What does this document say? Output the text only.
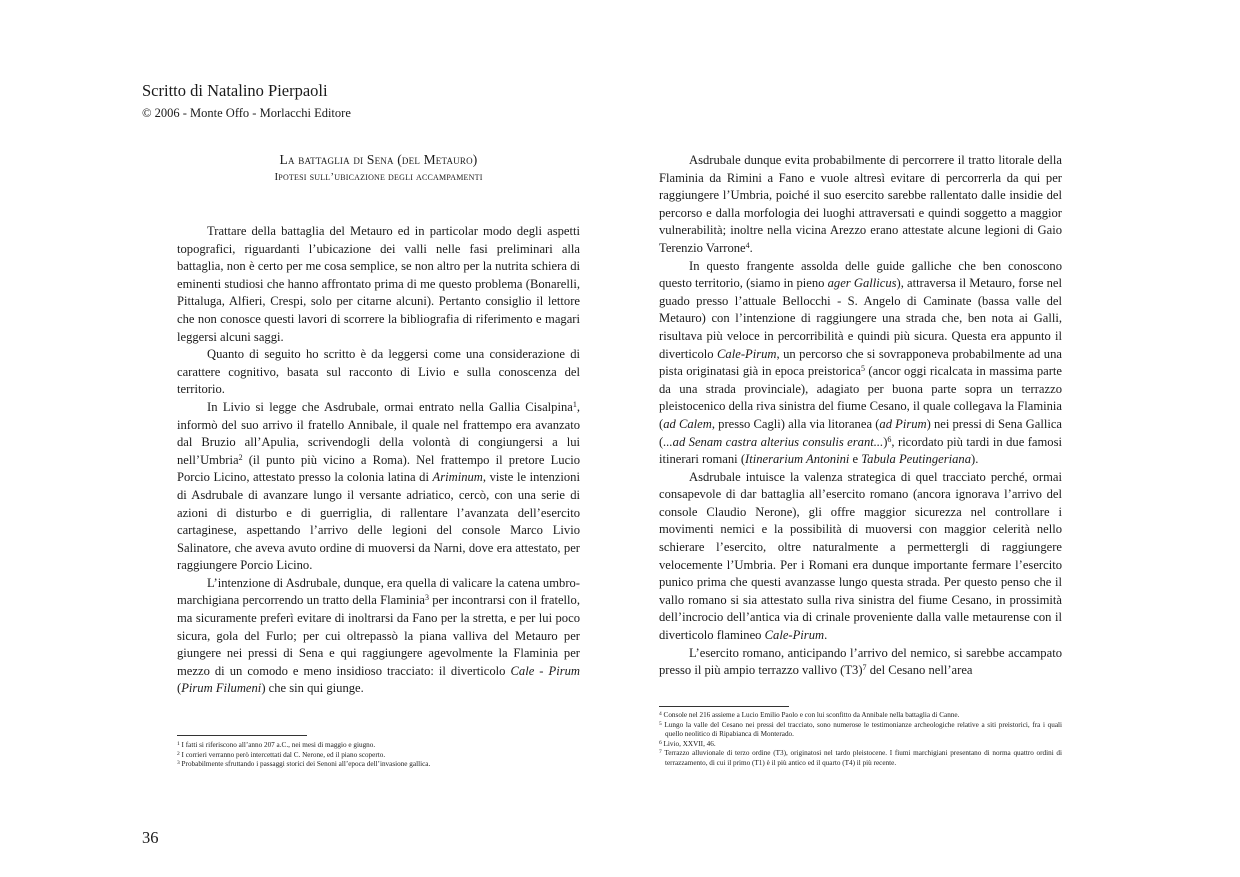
Scritto di Natalino Pierpaoli
© 2006 - Monte Offo - Morlacchi Editore
La battaglia di Sena (del Metauro)
Ipotesi sull’ubicazione degli accampamenti

Trattare della battaglia del Metauro ed in particolar modo degli aspetti topografici, riguardanti l’ubicazione dei valli nelle fasi preliminari alla battaglia, non è certo per me cosa semplice, se non altro per la nutrita schiera di eminenti studiosi che hanno affrontato prima di me questo problema (Bonarelli, Pittaluga, Alfieri, Crespi, solo per citarne alcuni). Pertanto consiglio il lettore che non conosce questi lavori di scorrere la bibliografia di riferimento e magari leggersi alcuni saggi.

Quanto di seguito ho scritto è da leggersi come una considerazione di carattere cognitivo, basata sul racconto di Livio e sulla conoscenza del territorio.

In Livio si legge che Asdrubale, ormai entrato nella Gallia Cisalpina$^1$, informò del suo arrivo il fratello Annibale, il quale nel frattempo era avanzato dal Bruzio all’Apulia, scrivendogli della volontà di congiungersi a lui nell’Umbria$^2$ (il punto più vicino a Roma). Nel frattempo il pretore Lucio Porcio Licino, attestato presso la colonia latina di Ariminum, viste le intenzioni di Asdrubale di avanzare lungo il versante adriatico, cercò, con una serie di azioni di disturbo e di guerriglia, di rallentare l’avanzata dell’esercito cartaginese, aspettando l’arrivo delle legioni del console Marco Livio Salinatore, che aveva avuto ordine di muoversi da Narni, dove era attestato, per raggiungere Porcio Licino.

L’intenzione di Asdrubale, dunque, era quella di valicare la catena umbro-marchigiana percorrendo un tratto della Flaminia$^3$ per incontrarsi con il fratello, ma sicuramente preferì evitare di inoltrarsi da Fano per la stretta, e per lui poco sicura, gola del Furlo; per cui oltrepassò la piana valliva del Metauro per giungere nei pressi di Sena e qui raggiungere agevolmente la Flaminia per mezzo di un comodo e meno insidioso tracciato: il diverticolo Cale - Pirum (Pirum Filumeni) che sin qui giunge.

Asdrubale dunque evita probabilmente di percorrere il tratto litorale della Flaminia da Rimini a Fano e vuole altresì evitare di percorrerla da qui per raggiungere l’Umbria, poiché il suo esercito sarebbe rallentato dalle insidie del percorso e dalla morfologia dei luoghi attraversati e quindi soggetto a maggior vulnerabilità; inoltre nella vicina Arezzo erano attestate alcune legioni di Gaio Terenzio Varrone$^4$.

In questo frangente assolda delle guide galliche che ben conoscono questo territorio, (siamo in pieno ager Gallicus), attraversa il Metauro, forse nel guado presso l’attuale Bellocchi - S. Angelo di Caminate (bassa valle del Metauro) con l’intenzione di raggiungere una strada che, ben nota ai Galli, risultava più veloce in percorribilità e quindi più sicura. Questa era appunto il diverticolo Cale-Pirum, un percorso che si sovrapponeva probabilmente ad una pista originatasi già in epoca preistorica$^5$ (ancor oggi ricalcata in massima parte da una strada provinciale), adagiato per buona parte sopra un terrazzo pleistocenico della riva sinistra del fiume Cesano, il quale collegava la Flaminia (ad Calem, presso Cagli) alla via litoranea (ad Pirum) nei pressi di Sena Gallica (...ad Senam castra alterius consulis erant...)$^6$, ricordato più tardi in due famosi itinerari romani (Itinerarium Antonini e Tabula Peutingeriana).

Asdrubale intuisce la valenza strategica di quel tracciato perché, ormai consapevole di dar battaglia all’esercito romano (ancora ignorava l’arrivo del console Claudio Nerone), gli offre maggior sicurezza nel controllare i movimenti nemici e la possibilità di muoversi con maggior celerità nello schierare l’esercito, oltre naturalmente a permettergli di raggiungere velocemente l’Umbria. Per i Romani era dunque importante fermare l’esercito punico prima che questi avanzasse lungo questa strada. Per questo penso che il vallo romano si sia attestato sulla riva sinistra del fiume Cesano, in prossimità dell’incrocio dell’antica via di crinale proveniente dalla valle metaurense con il diverticolo flamineo Cale-Pirum.

L’esercito romano, anticipando l’arrivo del nemico, si sarebbe accampato presso il più ampio terrazzo vallivo $(T3)^7$ del Cesano nell’area

$^1$ I fatti si riferiscono all’anno 207 a.C., nei mesi di maggio e giugno.

$^2$ I corrieri verranno però intercettati dal C. Nerone, ed il piano scoperto.

$^3$ Probabilmente sfruttando i passaggi storici dei Senoni all’epoca dell’invasione gallica.

$^4$ Console nel 216 assieme a Lucio Emilio Paolo e con lui sconfitto da Annibale nella battaglia di Canne.

$^5$ Lungo la valle del Cesano nei pressi del tracciato, sono numerose le testimonianze archeologiche relative a siti preistorici, fra i quali quello neolitico di Ripabianca di Monterado.

$^6$ Livio, XXVII, 46.

$^7$ Terrazzo alluvionale di terzo ordine (T3), originatosi nel tardo pleistocene. I fiumi marchigiani presentano di norma quattro ordini di terrazzamento, di cui il primo (T1) è il più antico ed il quarto (T4) il più recente.

36
